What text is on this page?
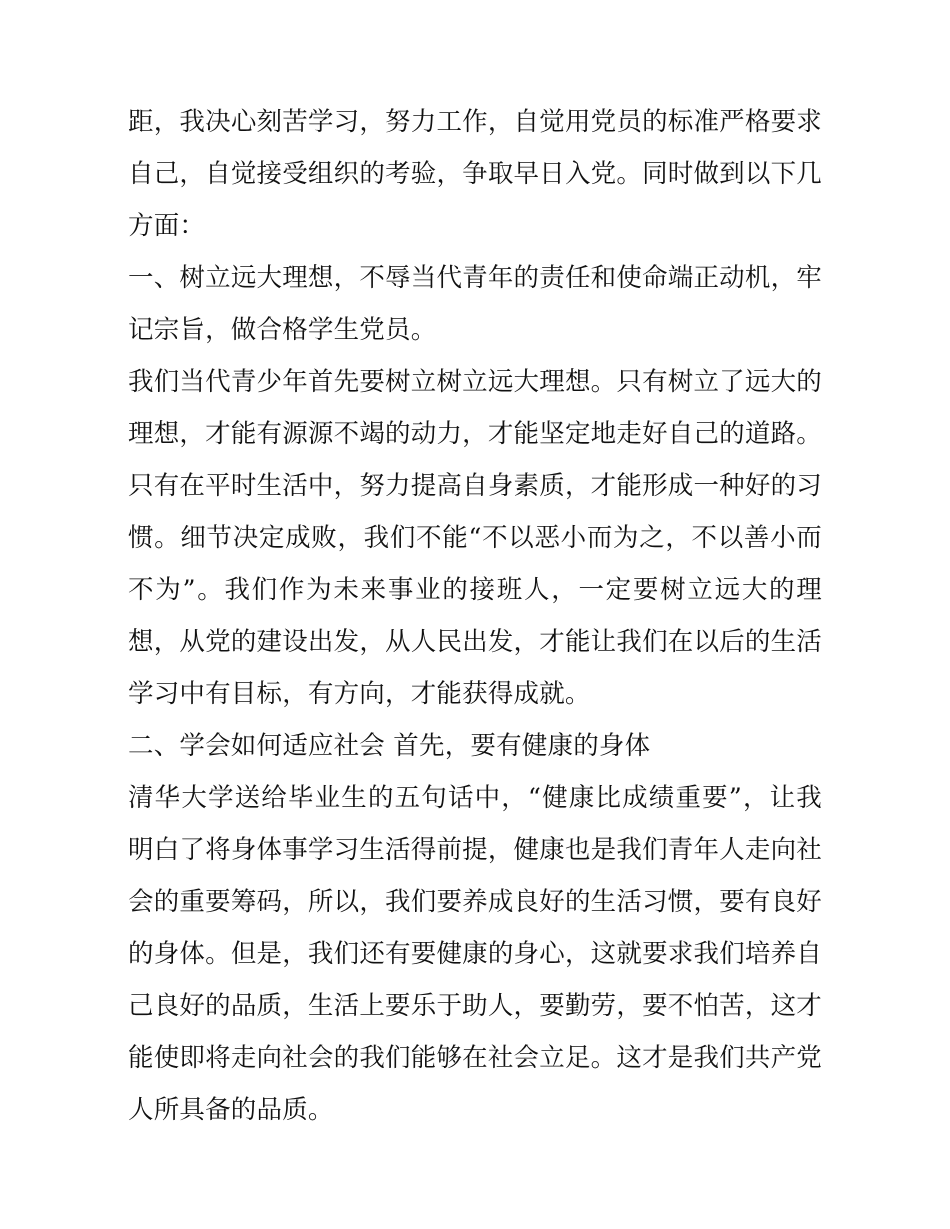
距，我决心刻苦学习，努力工作，自觉用党员的标准严格要求自己，自觉接受组织的考验，争取早日入党。同时做到以下几方面：

一、树立远大理想，不辱当代青年的责任和使命端正动机，牢记宗旨，做合格学生党员。

我们当代青少年首先要树立树立远大理想。只有树立了远大的理想，才能有源源不竭的动力，才能坚定地走好自己的道路。只有在平时生活中，努力提高自身素质，才能形成一种好的习惯。细节决定成败，我们不能“不以恶小而为之，不以善小而不为”。我们作为未来事业的接班人，一定要树立远大的理想，从党的建设出发，从人民出发，才能让我们在以后的生活学习中有目标，有方向，才能获得成就。

二、学会如何适应社会 首先，要有健康的身体

清华大学送给毕业生的五句话中，“健康比成绩重要”，让我明白了将身体事学习生活得前提，健康也是我们青年人走向社会的重要筹码，所以，我们要养成良好的生活习惯，要有良好的身体。但是，我们还有要健康的身心，这就要求我们培养自己良好的品质，生活上要乐于助人，要勤劳，要不怕苦，这才能使即将走向社会的我们能够在社会立足。这才是我们共产党人所具备的品质。
